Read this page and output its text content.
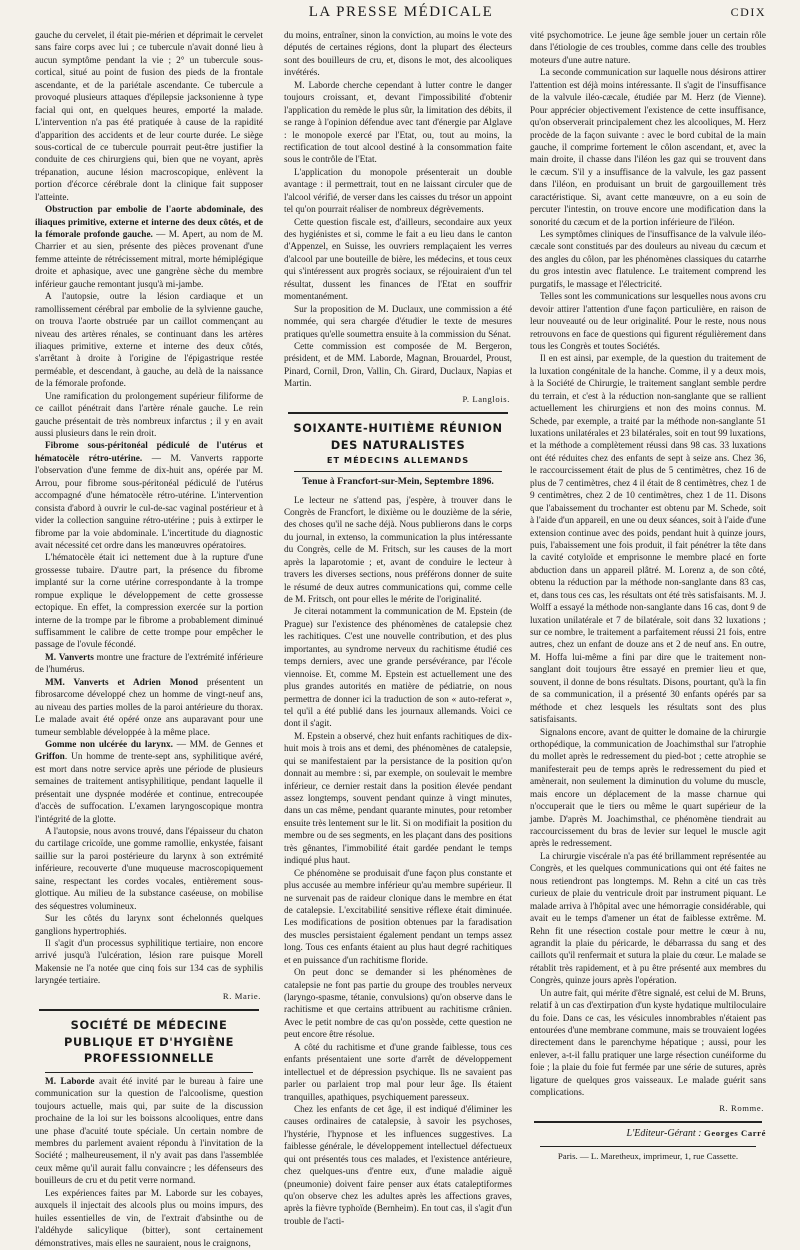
LA PRESSE MÉDICALE	CDIX

gauche du cervelet, il était pie-mérien et déprimait le cervelet sans faire corps avec lui ; ce tubercule n'avait donné lieu à aucun symptôme pendant la vie ; 2° un tubercule sous-cortical, situé au point de fusion des pieds de la frontale ascendante, et de la pariétale ascendante. Ce tubercule a provoqué plusieurs attaques d'épilepsie jacksonienne à type facial qui ont, en quelques heures, emporté la malade. L'intervention n'a pas été pratiquée à cause de la rapidité d'apparition des accidents et de leur courte durée. Le siège sous-cortical de ce tubercule pourrait peut-être justifier la conduite de ces chirurgiens qui, bien que ne voyant, après trépanation, aucune lésion macroscopique, enlèvent la portion d'écorce cérébrale dont la clinique fait supposer l'atteinte.

Obstruction par embolie de l'aorte abdominale, des iliaques primitive, externe et interne des deux côtés, et de la fémorale profonde gauche. — M. Apert, au nom de M. Charrier et au sien, présente des pièces provenant d'une femme atteinte de rétrécissement mitral, morte hémiplégique droite et aphasique, avec une gangrène sèche du membre inférieur gauche remontant jusqu'à mi-jambe.

A l'autopsie, outre la lésion cardiaque et un ramollissement cérébral par embolie de la sylvienne gauche, on trouva l'aorte obstruée par un caillot commençant au niveau des artères rénales, se continuant dans les artères iliaques primitive, externe et interne des deux côtés, s'arrêtant à droite à l'origine de l'épigastrique restée perméable, et descendant, à gauche, au delà de la naissance de la fémorale profonde.

Une ramification du prolongement supérieur filiforme de ce caillot pénétrait dans l'artère rénale gauche. Le rein gauche présentait de très nombreux infarctus ; il y en avait aussi plusieurs dans le rein droit.

Fibrome sous-péritonéal pédiculé de l'utérus et hématocèle rétro-utérine. — M. Vanverts rapporte l'observation d'une femme de dix-huit ans, opérée par M. Arrou, pour fibrome sous-péritonéal pédiculé de l'utérus accompagné d'une hématocèle rétro-utérine. L'intervention consista d'abord à ouvrir le cul-de-sac vaginal postérieur et à vider la collection sanguine rétro-utérine ; puis à extirper le fibrome par la voie abdominale. L'incertitude du diagnostic avait nécessité cet ordre dans les manœuvres opératoires.

L'hématocèle était ici nettement due à la rupture d'une grossesse tubaire. D'autre part, la présence du fibrome implanté sur la corne utérine correspondante à la trompe rompue explique le développement de cette grossesse ectopique. En effet, la compression exercée sur la portion interne de la trompe par le fibrome a probablement diminué suffisamment le calibre de cette trompe pour empêcher le passage de l'ovule fécondé.

M. Vanverts montre une fracture de l'extrémité inférieure de l'humérus.

MM. Vanverts et Adrien Monod présentent un fibrosarcome développé chez un homme de vingt-neuf ans, au niveau des parties molles de la paroi antérieure du thorax. Le malade avait été opéré onze ans auparavant pour une tumeur semblable développée à la même place.

Gomme non ulcérée du larynx. — MM. de Gennes et Griffon. Un homme de trente-sept ans, syphilitique avéré, est mort dans notre service après une période de plusieurs semaines de traitement antisyphilitique, pendant laquelle il présentait une dyspnée modérée et continue, entrecoupée d'accès de suffocation. L'examen laryngoscopique montra l'intégrité de la glotte.

A l'autopsie, nous avons trouvé, dans l'épaisseur du chaton du cartilage cricoïde, une gomme ramollie, enkystée, faisant saillie sur la paroi postérieure du larynx à son extrémité inférieure, recouverte d'une muqueuse macroscopiquement saine, respectant les cordes vocales, entièrement sous-glottique. Au milieu de la substance caséeuse, on mobilise des séquestres volumineux.

Sur les côtés du larynx sont échelonnés quelques ganglions hypertrophiés.

Il s'agit d'un processus syphilitique tertiaire, non encore arrivé jusqu'à l'ulcération, lésion rare puisque Morell Makensie ne l'a notée que cinq fois sur 134 cas de syphilis laryngée tertiaire.

R. Marie.
SOCIÉTÉ DE MÉDECINE PUBLIQUE ET D'HYGIÈNE PROFESSIONNELLE

M. Laborde avait été invité par le bureau à faire une communication sur la question de l'alcoolisme, question toujours actuelle, mais qui, par suite de la discussion prochaine de la loi sur les boissons alcooliques, entre dans une phase d'acuité toute spéciale. Un certain nombre de membres du parlement avaient répondu à l'invitation de la Société ; malheureusement, il n'y avait pas dans l'assemblée ceux même qu'il aurait fallu convaincre ; les défenseurs des bouilleurs de cru et du petit verre normand.

Les expériences faites par M. Laborde sur les cobayes, auxquels il injectait des alcools plus ou moins impurs, des huiles essentielles de vin, de l'extrait d'absinthe ou de l'aldéhyde salicylique (bitter), sont certainement démonstratives, mais elles ne sauraient, nous le craignons,

du moins, entraîner, sinon la conviction, au moins le vote des députés de certaines régions, dont la plupart des électeurs sont des bouilleurs de cru, et, disons le mot, des alcooliques invétérés.

M. Laborde cherche cependant à lutter contre le danger toujours croissant, et, devant l'impossibilité d'obtenir l'application du remède le plus sûr, la limitation des débits, il se range à l'opinion défendue avec tant d'énergie par Alglave : le monopole exercé par l'Etat, ou, tout au moins, la rectification de tout alcool destiné à la consommation faite sous le contrôle de l'Etat.

L'application du monopole présenterait un double avantage : il permettrait, tout en ne laissant circuler que de l'alcool vérifié, de verser dans les caisses du trésor un appoint tel qu'on pourrait réaliser de nombreux dégrèvements.

Cette question fiscale est, d'ailleurs, secondaire aux yeux des hygiénistes et si, comme le fait a eu lieu dans le canton d'Appenzel, en Suisse, les ouvriers remplaçaient les verres d'alcool par une bouteille de bière, les médecins, et tous ceux qui s'intéressent aux progrès sociaux, se réjouiraient d'un tel résultat, dussent les finances de l'Etat en souffrir momentanément.

Sur la proposition de M. Duclaux, une commission a été nommée, qui sera chargée d'étudier le texte de mesures pratiques qu'elle soumettra ensuite à la commission du Sénat.

Cette commission est composée de M. Bergeron, président, et de MM. Laborde, Magnan, Brouardel, Proust, Pinard, Cornil, Dron, Vallin, Ch. Girard, Duclaux, Napias et Martin.

P. Langlois.
SOIXANTE-HUITIÈME RÉUNION DES NATURALISTES
ET MÉDECINS ALLEMANDS
Tenue à Francfort-sur-Mein, Septembre 1896.

Le lecteur ne s'attend pas, j'espère, à trouver dans le Congrès de Francfort, le dixième ou le douzième de la série, des choses qu'il ne sache déjà. Nous publierons dans le corps du journal, in extenso, la communication la plus intéressante du Congrès, celle de M. Fritsch, sur les causes de la mort après la laparotomie ; et, avant de conduire le lecteur à travers les diverses sections, nous préférons donner de suite le résumé de deux autres communications qui, comme celle de M. Fritsch, ont pour elles le mérite de l'originalité.

Je citerai notamment la communication de M. Epstein (de Prague) sur l'existence des phénomènes de catalepsie chez les rachitiques. C'est une nouvelle contribution, et des plus importantes, au syndrome nerveux du rachitisme étudié ces temps derniers, avec une grande persévérance, par l'école viennoise. Et, comme M. Epstein est actuellement une des plus grandes autorités en matière de pédiatrie, on nous permettra de donner ici la traduction de son « auto-referat », tel qu'il a été publié dans les journaux allemands. Voici ce dont il s'agit.

M. Epstein a observé, chez huit enfants rachitiques de dix-huit mois à trois ans et demi, des phénomènes de catalepsie, qui se manifestaient par la persistance de la position qu'on donnait au membre : si, par exemple, on soulevait le membre inférieur, ce dernier restait dans la position élevée pendant assez longtemps, souvent pendant quinze à vingt minutes, dans un cas même, pendant quarante minutes, pour retomber ensuite très lentement sur le lit. Si on modifiait la position du membre ou de ses segments, en les plaçant dans des positions très gênantes, l'immobilité était gardée pendant le temps indiqué plus haut.

Ce phénomène se produisait d'une façon plus constante et plus accusée au membre inférieur qu'au membre supérieur. Il ne survenait pas de raideur clonique dans le membre en état de catalepsie. L'excitabilité sensitive réflexe était diminuée. Les modifications de position obtenues par la faradisation des muscles persistaient également pendant un temps assez long. Tous ces enfants étaient au plus haut degré rachitiques et en puissance d'un rachitisme floride.

On peut donc se demander si les phénomènes de catalepsie ne font pas partie du groupe des troubles nerveux (laryngo-spasme, tétanie, convulsions) qu'on observe dans le rachitisme et que certains attribuent au rachitisme crânien. Avec le petit nombre de cas qu'on possède, cette question ne peut encore être résolue.

A côté du rachitisme et d'une grande faiblesse, tous ces enfants présentaient une sorte d'arrêt de développement intellectuel et de dépression psychique. Ils ne savaient pas parler ou parlaient trop mal pour leur âge. Ils étaient tranquilles, apathiques, psychiquement paresseux.

Chez les enfants de cet âge, il est indiqué d'éliminer les causes ordinaires de catalepsie, à savoir les psychoses, l'hystérie, l'hypnose et les influences suggestives. La faiblesse générale, le développement intellectuel défectueux qui ont présentés tous ces malades, et l'existence antérieure, chez quelques-uns d'entre eux, d'une maladie aiguë (pneumonie) doivent faire penser aux états cataleptiformes qu'on observe chez les adultes après les affections graves, après la fièvre typhoïde (Bernheim). En tout cas, il s'agit d'un trouble de l'acti-

vité psychomotrice. Le jeune âge semble jouer un certain rôle dans l'étiologie de ces troubles, comme dans celle des troubles moteurs d'une autre nature.

La seconde communication sur laquelle nous désirons attirer l'attention est déjà moins intéressante. Il s'agit de l'insuffisance de la valvule iléo-cæcale, étudiée par M. Herz (de Vienne). Pour apprécier objectivement l'existence de cette insuffisance, qu'on observerait principalement chez les alcooliques, M. Herz procède de la façon suivante : avec le bord cubital de la main gauche, il comprime fortement le côlon ascendant, et, avec la main droite, il chasse dans l'iléon les gaz qui se trouvent dans le cæcum. S'il y a insuffisance de la valvule, les gaz passent dans l'iléon, en produisant un bruit de gargouillement très caractéristique. Si, avant cette manœuvre, on a eu soin de percuter l'intestin, on trouve encore une modification dans la sonorité du cæcum et de la portion inférieure de l'iléon.

Les symptômes cliniques de l'insuffisance de la valvule iléo-cæcale sont constitués par des douleurs au niveau du cæcum et des angles du côlon, par les phénomènes classiques du catarrhe du gros intestin avec flatulence. Le traitement comprend les purgatifs, le massage et l'électricité.

Telles sont les communications sur lesquelles nous avons cru devoir attirer l'attention d'une façon particulière, en raison de leur nouveauté ou de leur originalité. Pour le reste, nous nous retrouvons en face de questions qui figurent régulièrement dans tous les Congrès et toutes Sociétés.

Il en est ainsi, par exemple, de la question du traitement de la luxation congénitale de la hanche. Comme, il y a deux mois, à la Société de Chirurgie, le traitement sanglant semble perdre du terrain, et c'est à la réduction non-sanglante que se rallient actuellement les chirurgiens et non des moins connus. M. Schede, par exemple, a traité par la méthode non-sanglante 51 luxations unilatérales et 23 bilatérales, soit en tout 99 luxations, et la méthode a complètement réussi dans 98 cas. 33 luxations ont été réduites chez des enfants de sept à seize ans. Chez 36, le raccourcissement était de plus de 5 centimètres, chez 16 de plus de 7 centimètres, chez 4 il était de 8 centimètres, chez 1 de 9 centimètres, chez 2 de 10 centimètres, chez 1 de 11. Disons que l'abaissement du trochanter est obtenu par M. Schede, soit à l'aide d'un appareil, en une ou deux séances, soit à l'aide d'une extension continue avec des poids, pendant huit à quinze jours, puis, l'abaissement une fois produit, il fait pénétrer la tête dans la cavité cotyloïde et emprisonne le membre placé en forte abduction dans un appareil plâtré. M. Lorenz a, de son côté, obtenu la réduction par la méthode non-sanglante dans 83 cas, et, dans tous ces cas, les résultats ont été très satisfaisants. M. J. Wolff a essayé la méthode non-sanglante dans 16 cas, dont 9 de luxation unilatérale et 7 de bilatérale, soit dans 32 luxations ; sur ce nombre, le traitement a parfaitement réussi 21 fois, entre autres, chez un enfant de douze ans et 2 de neuf ans. En outre, M. Hoffa lui-même a fini par dire que le traitement non-sanglant doit toujours être essayé en premier lieu et que, souvent, il donne de bons résultats. Disons, pourtant, qu'à la fin de sa communication, il a présenté 30 enfants opérés par sa méthode et chez lesquels les résultats sont des plus satisfaisants.

Signalons encore, avant de quitter le domaine de la chirurgie orthopédique, la communication de Joachimsthal sur l'atrophie du mollet après le redressement du pied-bot ; cette atrophie se manifesterait peu de temps après le redressement du pied et amènerait, non seulement la diminution du volume du muscle, mais encore un déplacement de la masse charnue qui n'occuperait que le tiers ou même le quart supérieur de la jambe. D'après M. Joachimsthal, ce phénomène tiendrait au raccourcissement du bras de levier sur lequel le muscle agit après le redressement.

La chirurgie viscérale n'a pas été brillamment représentée au Congrès, et les quelques communications qui ont été faites ne nous retiendront pas longtemps. M. Rehn a cité un cas très curieux de plaie du ventricule droit par instrument piquant. Le malade arriva à l'hôpital avec une hémorragie considérable, qui avait eu le temps d'amener un état de faiblesse extrême. M. Rehn fit une résection costale pour mettre le cœur à nu, agrandit la plaie du péricarde, le débarrassa du sang et des caillots qu'il renfermait et sutura la plaie du cœur. Le malade se rétablit très rapidement, et à pu être présenté aux membres du Congrès, quinze jours après l'opération.

Un autre fait, qui mérite d'être signalé, est celui de M. Bruns, relatif à un cas d'extirpation d'un kyste hydatique multiloculaire du foie. Dans ce cas, les vésicules innombrables n'étaient pas entourées d'une membrane commune, mais se trouvaient logées directement dans le parenchyme hépatique ; aussi, pour les enlever, a-t-il fallu pratiquer une large résection cunéiforme du foie ; la plaie du foie fut fermée par une série de sutures, après ligature de quelques gros vaisseaux. Le malade guérit sans complications.

R. Romme.
L'Editeur-Gérant : Georges Carré
Paris. — L. Maretheux, imprimeur, 1, rue Cassette.
